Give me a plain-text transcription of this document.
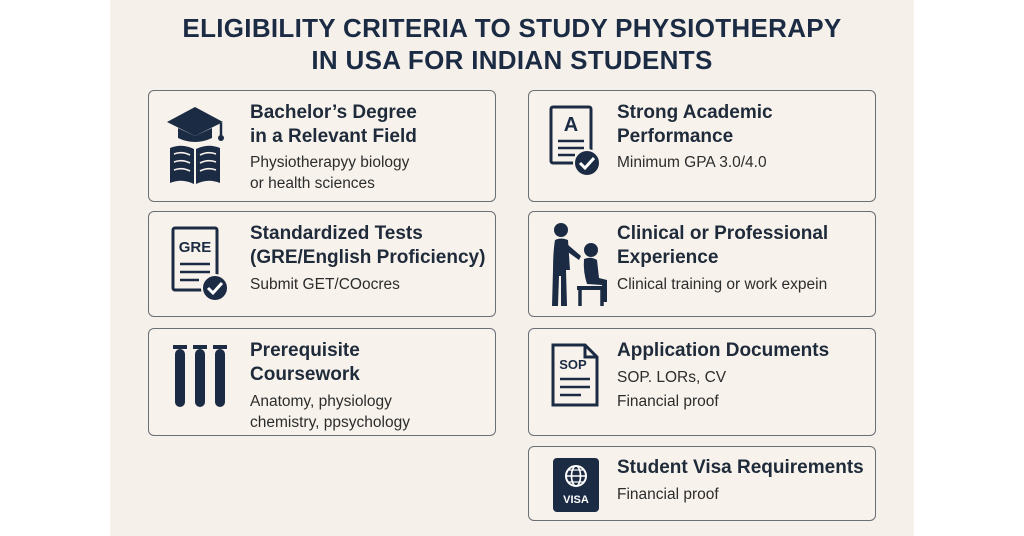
ELIGIBILITY CRITERIA TO STUDY PHYSIOTHERAPY
IN USA FOR INDIAN STUDENTS
Bachelor’s Degree
in a Relevant Field
Physiotherapyy biology
or health sciences
A
Strong Academic
Performance
Minimum GPA 3.0/4.0
GRE
Standardized Tests
(GRE/English Proficiency)
Submit GET/COocres
Clinical or Professional
Experience
Clinical training or work expein
Prerequisite
Coursework
Anatomy, physiology
chemistry, ppsychology
SOP
Application Documents
SOP. LORs, CV
Financial proof
VISA
Student Visa Requirements
Financial proof
